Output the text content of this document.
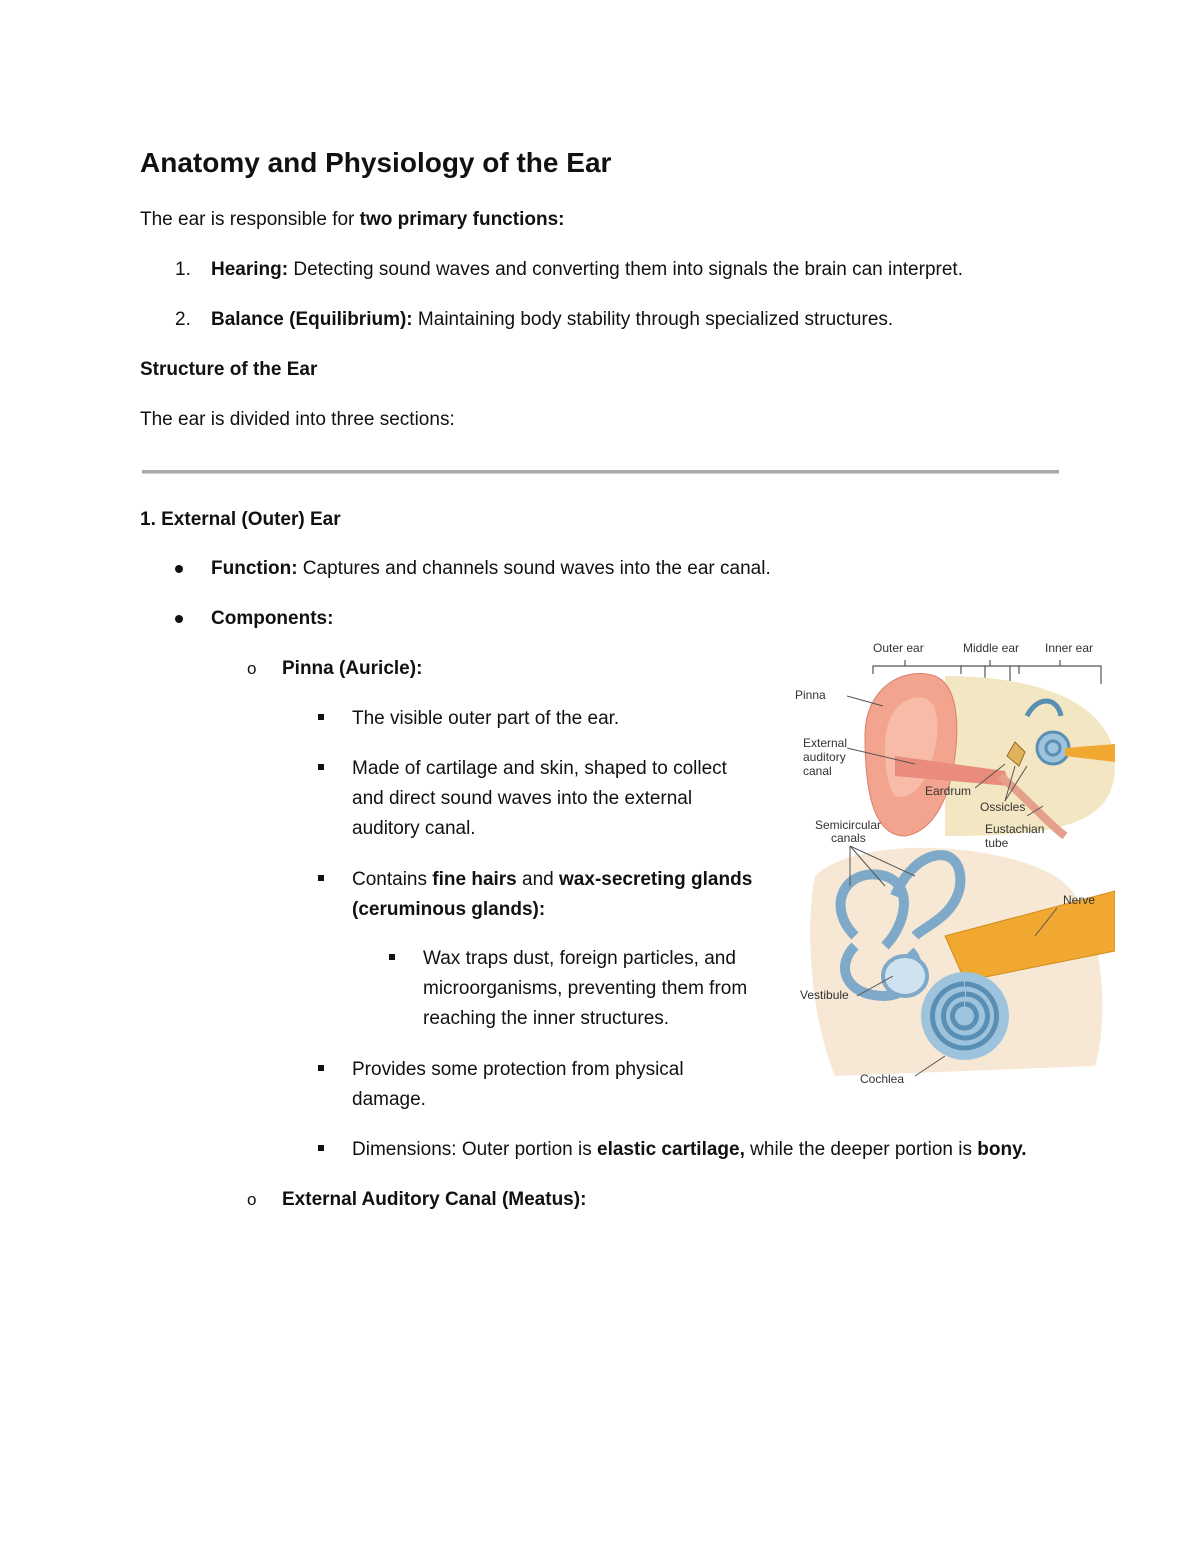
Anatomy and Physiology of the Ear
The ear is responsible for two primary functions:
1. Hearing: Detecting sound waves and converting them into signals the brain can interpret.
2. Balance (Equilibrium): Maintaining body stability through specialized structures.
Structure of the Ear
The ear is divided into three sections:
1. External (Outer) Ear
Function: Captures and channels sound waves into the ear canal.
Components:
o Pinna (Auricle):
The visible outer part of the ear.
Made of cartilage and skin, shaped to collect
and direct sound waves into the external
auditory canal.
Contains fine hairs and wax-secreting glands
(ceruminous glands):
Wax traps dust, foreign particles, and
microorganisms, preventing them from
reaching the inner structures.
Provides some protection from physical
damage.
Dimensions: Outer portion is elastic cartilage, while the deeper portion is bony.
o External Auditory Canal (Meatus):
Outer ear	Middle ear Inner ear
Pinna
External
auditory
canal
Eardrum
Ossicles
Eustachian
tube
Semicircular
canals
Nerve
Vestibule
Cochlea
